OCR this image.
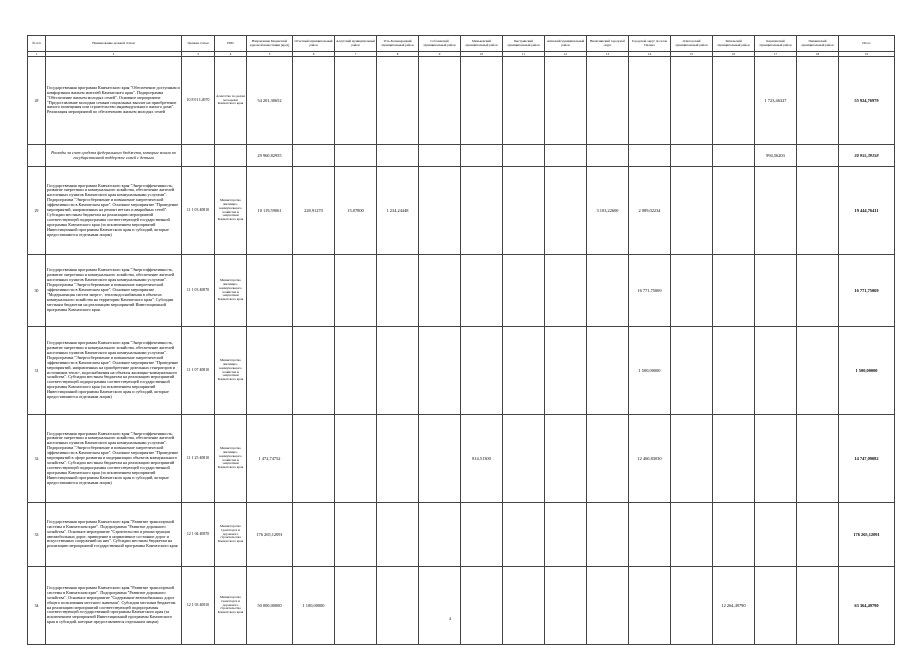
№ п/п	Наименование целевой статьи	Целевая статья	ГРБС	Направление Бюджетной адресной инвестиции (кред)	Отчетный муниципальный район	Алеутский муниципальный район	Усть-Большерецкий муниципальный район	Соболевский муниципальный район	Мильковский муниципальный район	Быстринский муниципальный район	Агинский муниципальный район	Вилючинский городской округ	Городской округ поселок Палана	Олюторский муниципальный район	Тигильский муниципальный район	Карагинский муниципальный район	Пенжинский муниципальный район	Итого
1	2	3	4	5	6	7	8	9	10	11	12	13	14	15	16	17	18	19
28	Государственная программа Камчатского края "Обеспечение доступным и комфортным жильем жителей Камчатского края". Подпрограмма "Обеспечение жильем молодых семей". Основное мероприятие "Предоставление молодым семьям социальных выплат на приобретение жилого помещения или строительство индивидуального жилого дома". Реализация мероприятий по обеспечению жильем молодых семей	10 8 01 L4970	Агентство по делам молодежи Камчатского края	54 201,30652												1 723,46327		55 924,76979
	Расходы за счет средств федерального бюджета, которые вошли по государственной поддержке семей с детьми			29 960,82955												994,56203		30 955,39158
29	Государственная программа Камчатского края "Энергоэффективность, развитие энергетики и коммунального хозяйства, обеспечение жителей населенных пунктов Камчатского края коммунальными услугами". Подпрограмма "Энергосбережение и повышение энергетической эффективности в Камчатском крае". Основное мероприятие "Проведение мероприятий, направленных на ремонт ветхих и аварийных сетей". Субсидии местным бюджетам на реализацию мероприятий соответствующей подпрограммы соответствующей государственной программы Камчатского края (за исключением мероприятий Инвестиционной программы Камчатского края и субсидий, которые предоставляются отдельным лицам)	11 1 03 40810	Министерство жилищно-коммунального хозяйства и энергетики Камчатского края	10 119,59061	228,91270	15,07800	1 234,24448					3 103,22600	2 089,02234					19 444,76411
30	Государственная программа Камчатского края "Энергоэффективность, развитие энергетики и коммунального хозяйства, обеспечение жителей населенных пунктов Камчатского края коммунальными услугами". Подпрограмма "Энергосбережение и повышение энергетической эффективности в Камчатском крае". Основное мероприятие "Модернизация систем энерго-, тепловодоснабжения в объектах коммунального хозяйства на территории Камчатского края". Субсидии местным бюджетам на реализацию мероприятий Инвестиционной программы Камчатского края.	11 1 03 40870	Министерство жилищно-коммунального хозяйства и энергетики Камчатского края										16 771,75069					16 771,75069
31	Государственная программа Камчатского края "Энергоэффективность, развитие энергетики и коммунального хозяйства, обеспечение жителей населенных пунктов Камчатского края коммунальными услугами". Подпрограмма "Энергосбережение и повышение энергетической эффективности в Камчатском крае". Основное мероприятие "Проведение мероприятий, направленных на приобретение дизельных генераторов и источников тепло-, водоснабжения на объекты жилищно-коммунального хозяйства". Субсидии местным бюджетам на реализацию мероприятий соответствующей подпрограммы соответствующей государственной программы Камчатского края (за исключением мероприятий Инвестиционной программы Камчатского края и субсидий, которые предоставляются отдельным лицам)	11 1 07 40810	Министерство жилищно-коммунального хозяйства и энергетики Камчатского края										1 500,00000					1 500,00000
32	Государственная программа Камчатского края "Энергоэффективность, развитие энергетики и коммунального хозяйства, обеспечение жителей населенных пунктов Камчатского края коммунальными услугами". Подпрограмма "Энергосбережение и повышение энергетической эффективности в Камчатском крае". Основное мероприятие "Проведение мероприятий в сфере развития и модернизации объектов коммунального хозяйства". Субсидии местным бюджетам на реализацию мероприятий соответствующей подпрограммы соответствующей государственной программы Камчатского края (за исключением мероприятий Инвестиционной программы Камчатского края и субсидий, которые предоставляются отдельным лицам)	11 1 25 40810	Министерство жилищно-коммунального хозяйства и энергетики Камчатского края	1 472,74752					814,51300				12 460,83030					14 747,09082
33	Государственная программа Камчатского края "Развитие транспортной системы в Камчатском крае". Подпрограмма "Развитие дорожного хозяйства". Основное мероприятие "Строительство и реконструкция автомобильных дорог, приведение в нормативное состояние дорог и искусственных сооружений на них". Субсидии местным бюджетам на реализацию мероприятий государственной программы Камчатского края	12 1 04 40870	Министерство транспорта и дорожного строительства Камчатского края	176 265,12091														176 265,12091
34	Государственная программа Камчатского края "Развитие транспортной системы в Камчатском крае". Подпрограмма "Развитие дорожного хозяйства". Основное мероприятие "Содержание автомобильных дорог общего пользования местного значения". Субсидии местным бюджетам на реализацию мероприятий соответствующей подпрограммы соответствующей государственной программы Камчатского края (за исключением мероприятий Инвестиционной программы Камчатского края и субсидий, которые предоставляются отдельным лицам)	12 1 03 40810	Министерство транспорта и дорожного строительства Камчатского края	50 000,00000	1 100,00000										12 264,49790			63 364,49790
4
